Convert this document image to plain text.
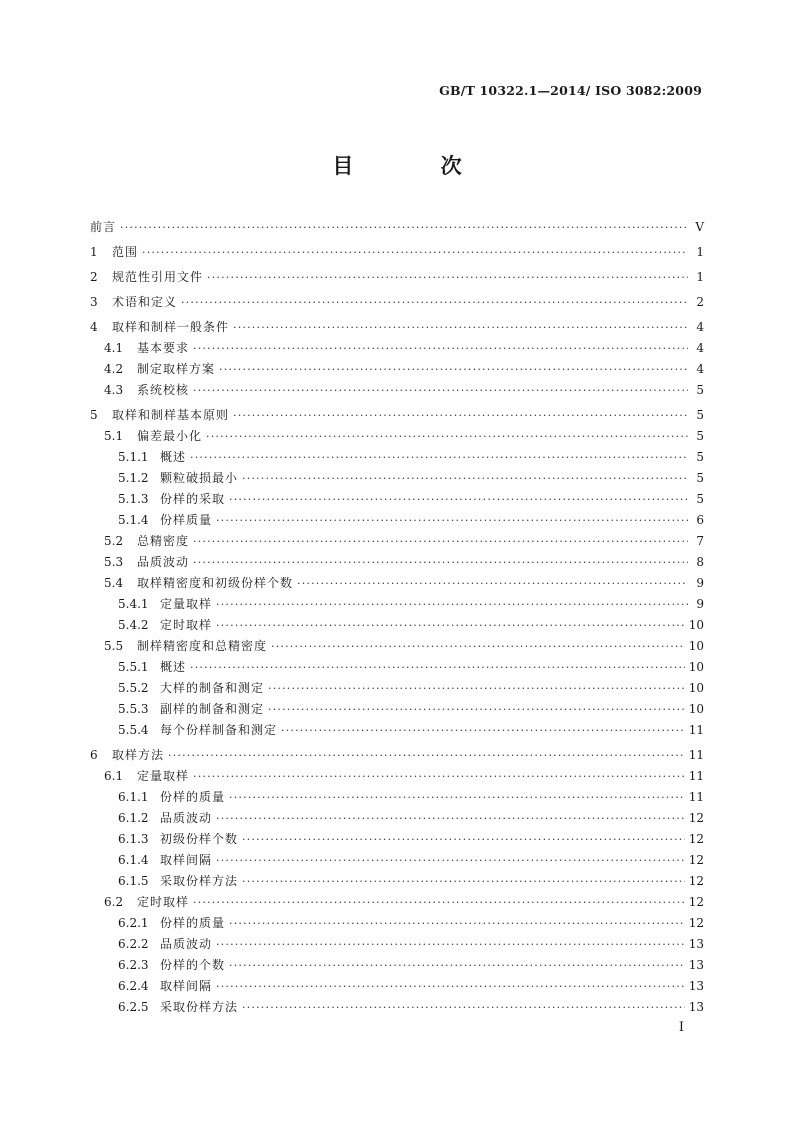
GB/T 10322.1—2014/ ISO 3082:2009
目 次
前言 ·····	V
1	范围 ·····	1
2	规范性引用文件 ·····	1
3	术语和定义 ·····	2
4	取样和制样一般条件 ·····	4
4.1	基本要求 ·····	4
4.2	制定取样方案 ·····	4
4.3	系统校核 ·····	5
5	取样和制样基本原则 ·····	5
5.1	偏差最小化 ·····	5
5.1.1 概述 ·····	5
5.1.2 颗粒破损最小 ·····	5
5.1.3 份样的采取 ·····	5
5.1.4 份样质量 ·····	6
5.2	总精密度 ·····	7
5.3	品质波动 ·····	8
5.4	取样精密度和初级份样个数 ·····	9
5.4.1 定量取样 ·····	9
5.4.2 定时取样 ·····	10
5.5	制样精密度和总精密度 ·····	10
5.5.1 概述 ·····	10
5.5.2 大样的制备和测定 ·····	10
5.5.3 副样的制备和测定 ·····	10
5.5.4 每个份样制备和测定 ·····	11
6	取样方法 ·····	11
6.1	定量取样 ·····	11
6.1.1 份样的质量 ·····	11
6.1.2 品质波动 ·····	12
6.1.3 初级份样个数 ·····	12
6.1.4 取样间隔 ·····	12
6.1.5 采取份样方法 ·····	12
6.2	定时取样 ·····	12
6.2.1 份样的质量 ·····	12
6.2.2 品质波动 ·····	13
6.2.3 份样的个数 ·····	13
6.2.4 取样间隔 ·····	13
6.2.5 采取份样方法 ·····	13
I
